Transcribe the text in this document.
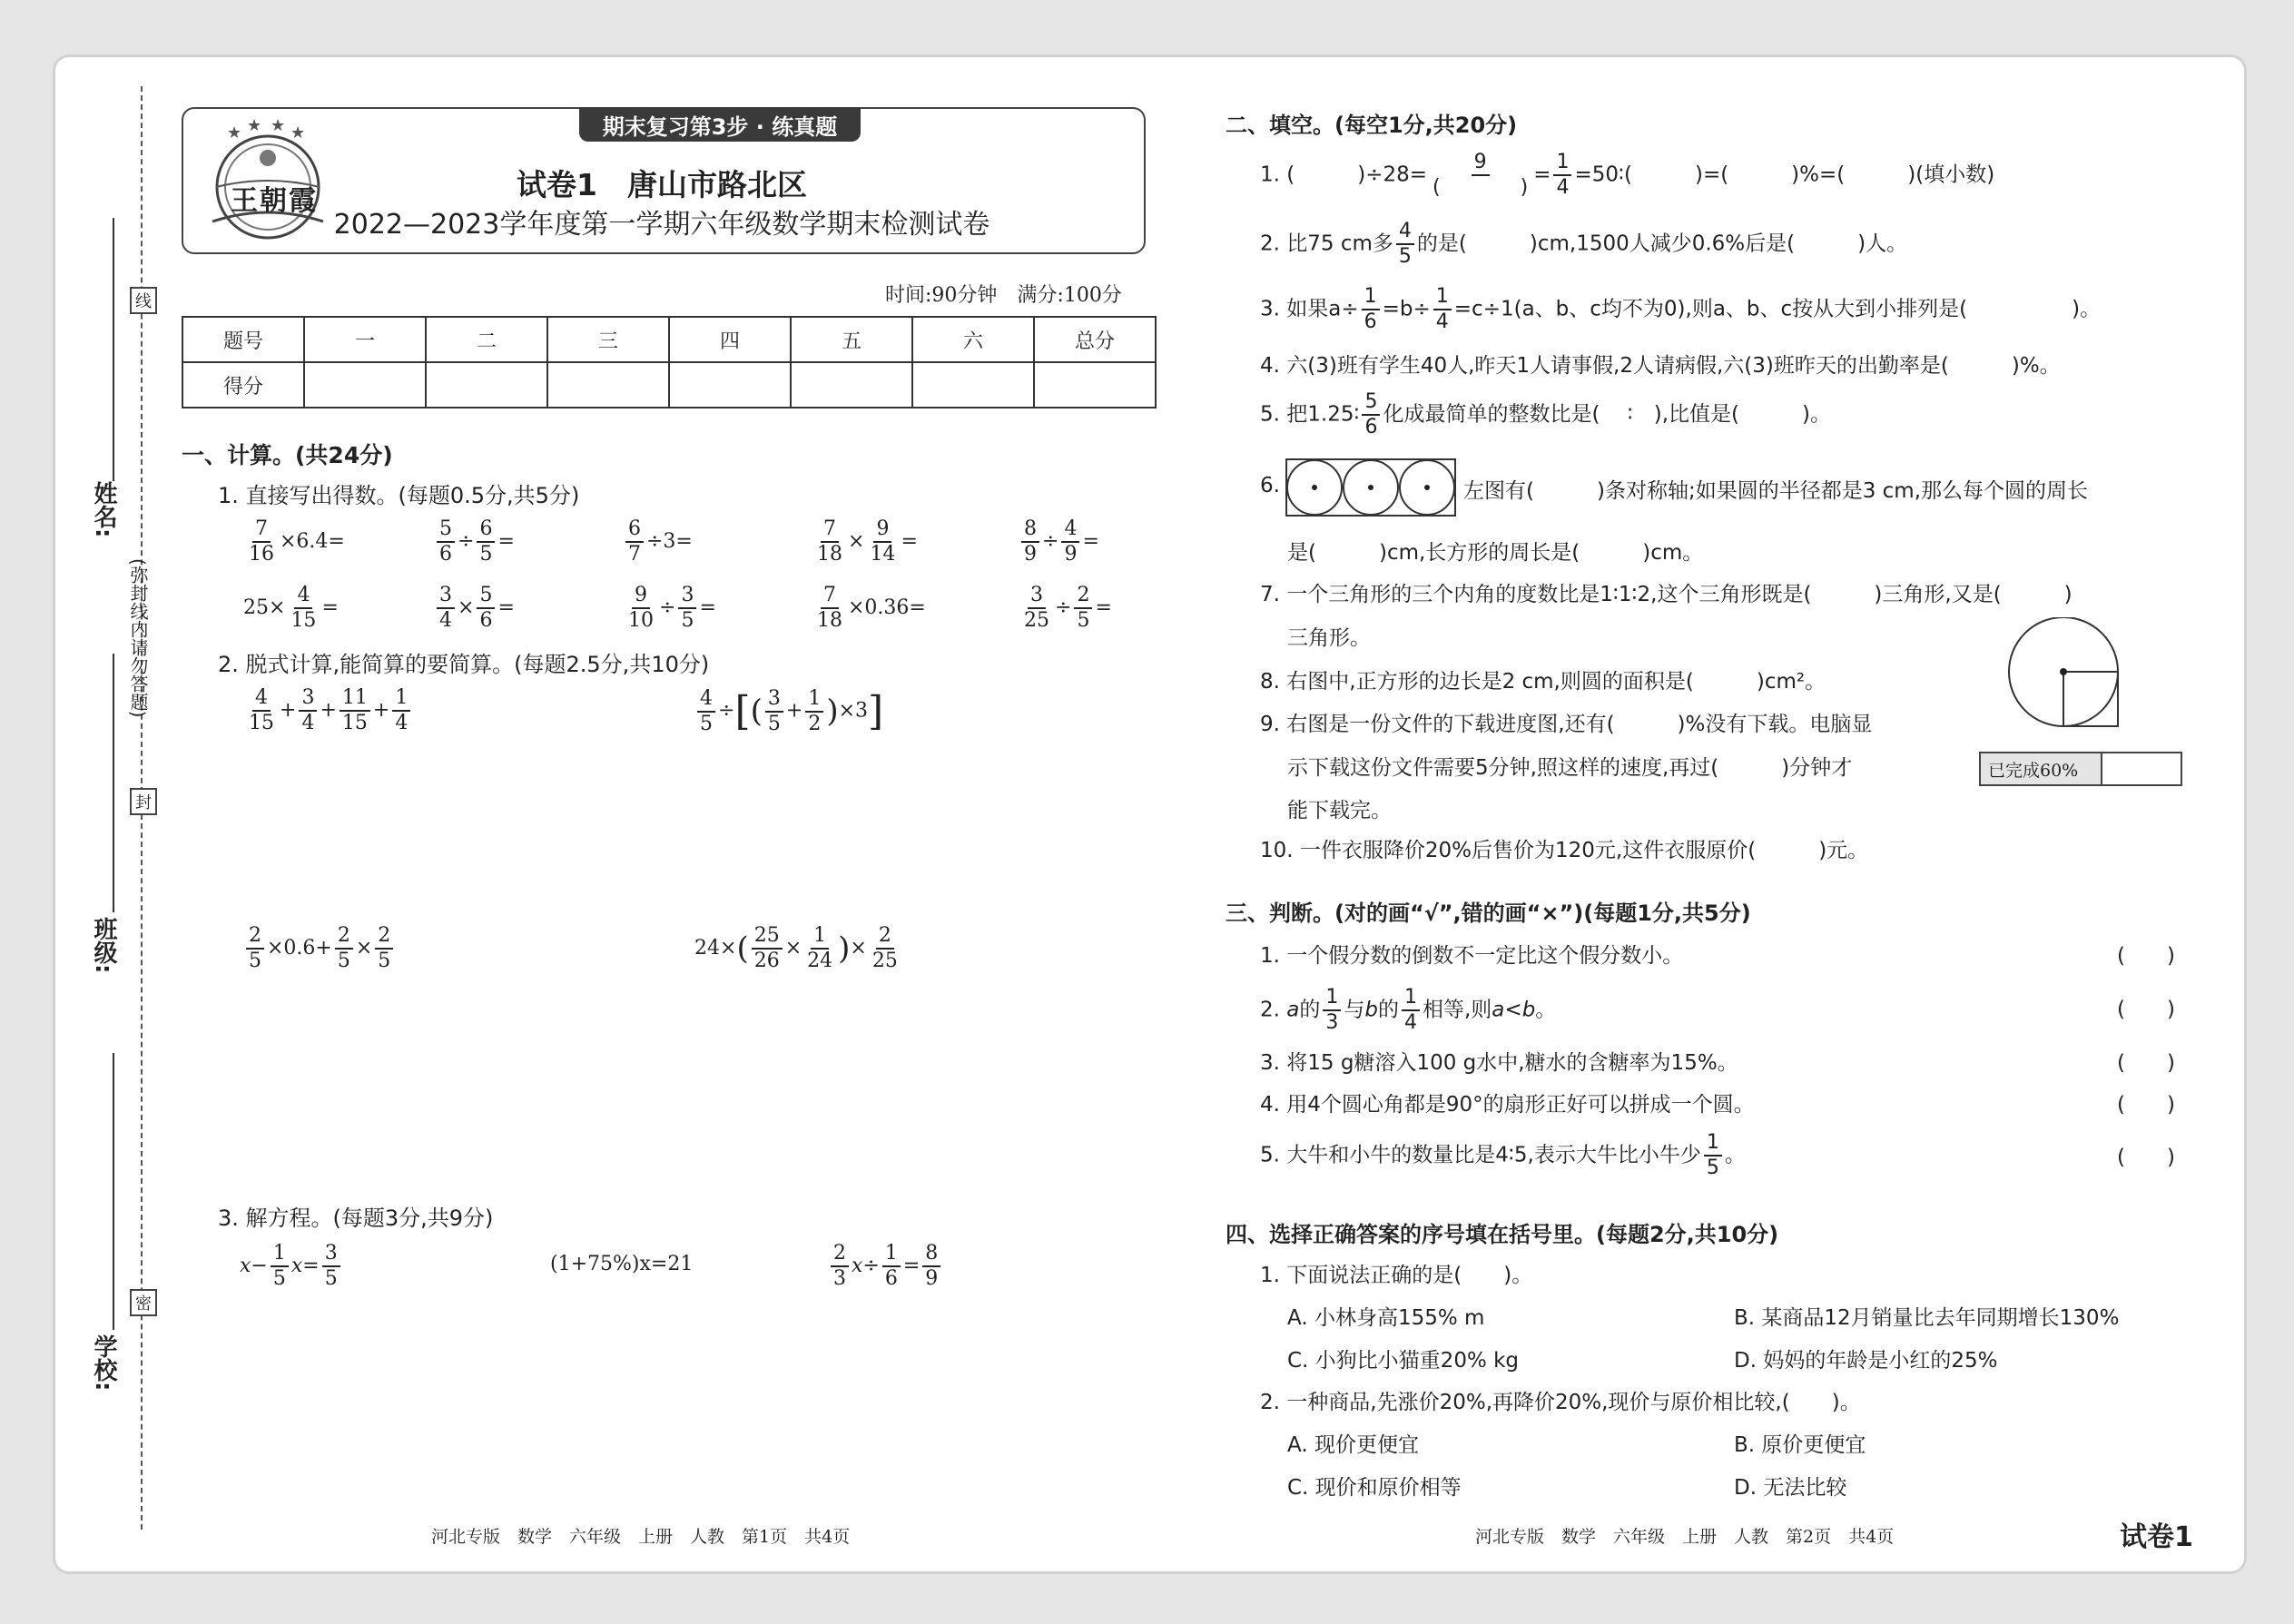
线
封
密
(弥封线内请勿答题)
姓名:
班级:
学校:
期末复习第3步 · 练真题
★ ★ ★ ★
王朝霞	试卷1　唐山市路北区
2022—2023学年度第一学期六年级数学期末检测试卷
时间:90分钟　满分:100分
题号	一	二	三	四	五	六	总分
得分							
一、计算。(共24分)
1. 直接写出得数。(每题0.5分,共5分)
$\frac{7}{16} \times 6.4=$	$\frac{5}{6} \div \frac{6}{5}$ =	$\frac{6}{7} \div 3=$	$\frac{7}{18} \times \frac{9}{14}$ =	$\frac{8}{9} \div \frac{4}{9}$ =
$25\times \frac{4}{15}$ =	$\frac{3}{4} \times \frac{5}{6}$ =	$\frac{9}{10} \div \frac{3}{5}$ =	$\frac{7}{18} \times 0.36=$	$\frac{3}{25} \div \frac{2}{5}$ =
2. 脱式计算,能简算的要简算。(每题2.5分,共10分)
$\frac{4}{15} + \frac{3}{4} + \frac{11}{15} + \frac{1}{4}$	$\frac{4}{5}$ ÷[( $\frac{3}{5} + \frac{1}{2} )\times 3$]
$\frac{2}{5} \times 0.6+ \frac{2}{5} \times \frac{2}{5}$	$24\times( \frac{25}{26} \times \frac{1}{24}$ )× $\frac{2}{25}$
3. 解方程。(每题3分,共9分)
$x- \frac{1}{5} x= \frac{3}{5}$	(1+75%)x=21	$\frac{2}{3} x\div \frac{1}{6} = \frac{8}{9}$
河北专版　数学　六年级　上册　人教　第1页　共4页
二、填空。(每空1分,共20分)
1. (　　　)$\div 28= \frac{9}{( )} = \frac{1}{4}$ =50∶(　　　)=(　　　)%=(　　　)(填小数)
2. 比75 cm多 $\frac{4}{5}$ 的是(　　　)cm,1500人减少0.6%后是(　　　)人。
3. 如果$a\div \frac{1}{6} =b\div \frac{1}{4} =c\div 1(a$、b、c均不为0),则a、b、c按从大到小排列是(　　　　　)。
4. 六(3)班有学生40人,昨天1人请事假,2人请病假,六(3)班昨天的出勤率是(　　　)%。
5. 把1.25∶ $\frac{5}{6}$ 化成最简单的整数比是(　 ∶　),比值是(　　　)。
6.	左图有(　　　)条对称轴;如果圆的半径都是3 cm,那么每个圆的周长
是(　　　)cm,长方形的周长是(　　　)cm。
7. 一个三角形的三个内角的度数比是1∶1∶2,这个三角形既是(　　　)三角形,又是(　　　)
三角形。
8. 右图中,正方形的边长是2 cm,则圆的面积是(　　　)cm²。
9. 右图是一份文件的下载进度图,还有(　　　)%没有下载。电脑显
示下载这份文件需要5分钟,照这样的速度,再过(　　　)分钟才
能下载完。
10. 一件衣服降价20%后售价为120元,这件衣服原价(　　　)元。
已完成60%
三、判断。(对的画“√”,错的画“×”)(每题1分,共5分)
1. 一个假分数的倒数不一定比这个假分数小。
2. a的 $\frac{1}{3}$ 与b的 $\frac{1}{4}$ 相等,则a<b。
3. 将15 g糖溶入100 g水中,糖水的含糖率为15%。
4. 用4个圆心角都是90°的扇形正好可以拼成一个圆。
5. 大牛和小牛的数量比是4∶5,表示大牛比小牛少 $\frac{1}{5}$ 。
(　　)
(　　)
(　　)
(　　)
(　　)
四、选择正确答案的序号填在括号里。(每题2分,共10分)
1. 下面说法正确的是(　　)。
A. 小林身高155% m	B. 某商品12月销量比去年同期增长130%
C. 小狗比小猫重20% kg	D. 妈妈的年龄是小红的25%
2. 一种商品,先涨价20%,再降价20%,现价与原价相比较,(　　)。
A. 现价更便宜	B. 原价更便宜
C. 现价和原价相等	D. 无法比较
河北专版　数学　六年级　上册　人教　第2页　共4页	试卷1
